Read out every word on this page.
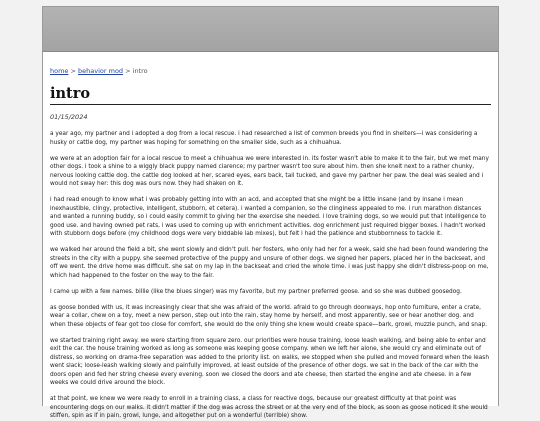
home > behavior mod > intro
intro
01/15/2024

a year ago, my partner and i adopted a dog from a local rescue. i had researched a list of common breeds you find in shelters—i was considering a husky or cattle dog, my partner was hoping for something on the smaller side, such as a chihuahua.

we were at an adoption fair for a local rescue to meet a chihuahua we were interested in. its foster wasn't able to make it to the fair, but we met many other dogs. i took a shine to a wiggly black puppy named clarence; my partner wasn't too sure about him. then she knelt next to a rather chunky, nervous looking cattle dog. the cattle dog looked at her, scared eyes, ears back, tail tucked, and gave my partner her paw. the deal was sealed and i would not sway her: this dog was ours now. they had shaken on it.

i had read enough to know what i was probably getting into with an acd, and accepted that she might be a little insane (and by insane i mean inexhaustible, clingy, protective, intelligent, stubborn, et cetera). i wanted a companion, so the clinginess appealed to me. i run marathon distances and wanted a running buddy, so i could easily commit to giving her the exercise she needed. i love training dogs, so we would put that intelligence to good use. and having owned pet rats, i was used to coming up with enrichment activities. dog enrichment just required bigger boxes. i hadn't worked with stubborn dogs before (my childhood dogs were very biddable lab mixes), but felt i had the patience and stubbornness to tackle it.

we walked her around the field a bit, she went slowly and didn't pull. her fosters, who only had her for a week, said she had been found wandering the streets in the city with a puppy. she seemed protective of the puppy and unsure of other dogs. we signed her papers, placed her in the backseat, and off we went. the drive home was difficult. she sat on my lap in the backseat and cried the whole time. i was just happy she didn't distress-poop on me, which had happened to the foster on the way to the fair.

I came up with a few names. billie (like the blues singer) was my favorite, but my partner preferred goose. and so she was dubbed goosedog.

as goose bonded with us, it was increasingly clear that she was afraid of the world. afraid to go through doorways, hop onto furniture, enter a crate, wear a collar, chew on a toy, meet a new person, step out into the rain, stay home by herself, and most apparently, see or hear another dog. and when these objects of fear got too close for comfort, she would do the only thing she knew would create space—bark, growl, muzzle punch, and snap.

we started training right away. we were starting from square zero. our priorities were house training, loose leash walking, and being able to enter and exit the car. the house training worked as long as someone was keeping goose company. when we left her alone, she would cry and eliminate out of distress, so working on drama-free separation was added to the priority list. on walks, we stopped when she pulled and moved forward when the leash went slack; loose-leash walking slowly and painfully improved, at least outside of the presence of other dogs. we sat in the back of the car with the doors open and fed her string cheese every evening. soon we closed the doors and ate cheese, then started the engine and ate cheese. in a few weeks we could drive around the block.

at that point, we knew we were ready to enroll in a training class, a class for reactive dogs, because our greatest difficulty at that point was encountering dogs on our walks. it didn't matter if the dog was across the street or at the very end of the block, as soon as goose noticed it she would stiffen, spin as if in pain, growl, lunge, and altogether put on a wonderful (terrible) show.
